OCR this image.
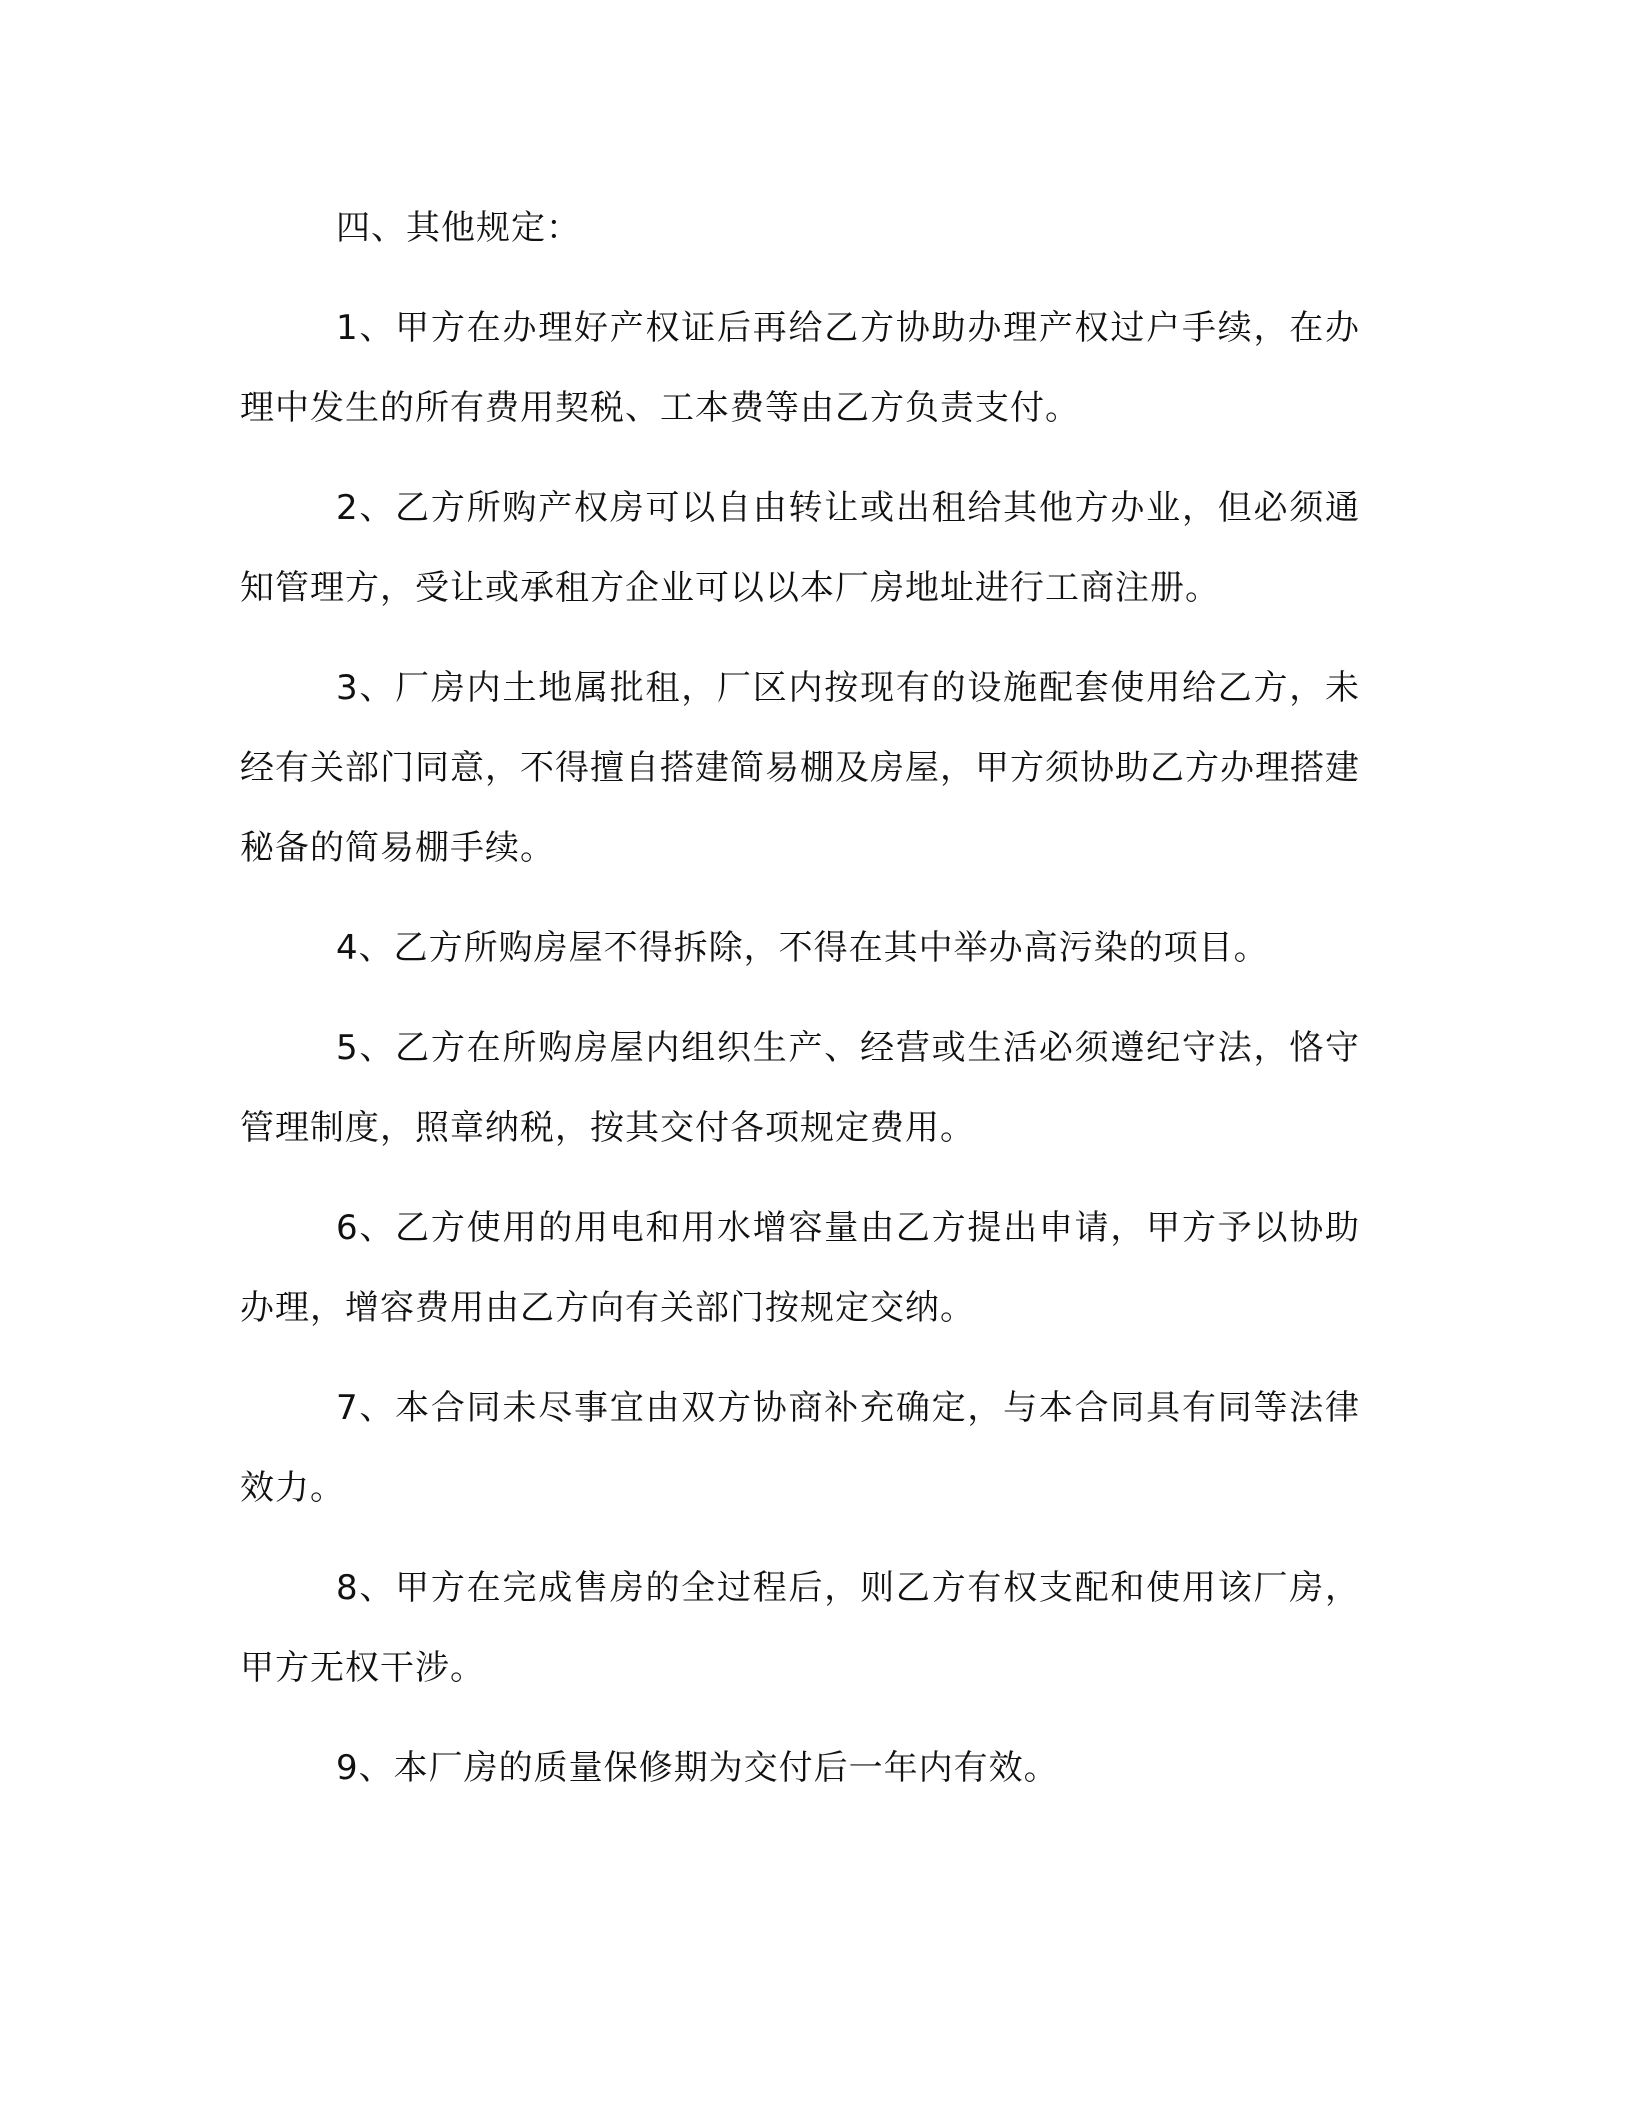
四、其他规定：

1、甲方在办理好产权证后再给乙方协助办理产权过户手续，在办理中发生的所有费用契税、工本费等由乙方负责支付。

2、乙方所购产权房可以自由转让或出租给其他方办业，但必须通知管理方，受让或承租方企业可以以本厂房地址进行工商注册。

3、厂房内土地属批租，厂区内按现有的设施配套使用给乙方，未经有关部门同意，不得擅自搭建简易棚及房屋，甲方须协助乙方办理搭建秘备的简易棚手续。

4、乙方所购房屋不得拆除，不得在其中举办高污染的项目。

5、乙方在所购房屋内组织生产、经营或生活必须遵纪守法，恪守管理制度，照章纳税，按其交付各项规定费用。

6、乙方使用的用电和用水增容量由乙方提出申请，甲方予以协助办理，增容费用由乙方向有关部门按规定交纳。

7、本合同未尽事宜由双方协商补充确定，与本合同具有同等法律效力。

8、甲方在完成售房的全过程后，则乙方有权支配和使用该厂房，甲方无权干涉。

9、本厂房的质量保修期为交付后一年内有效。
